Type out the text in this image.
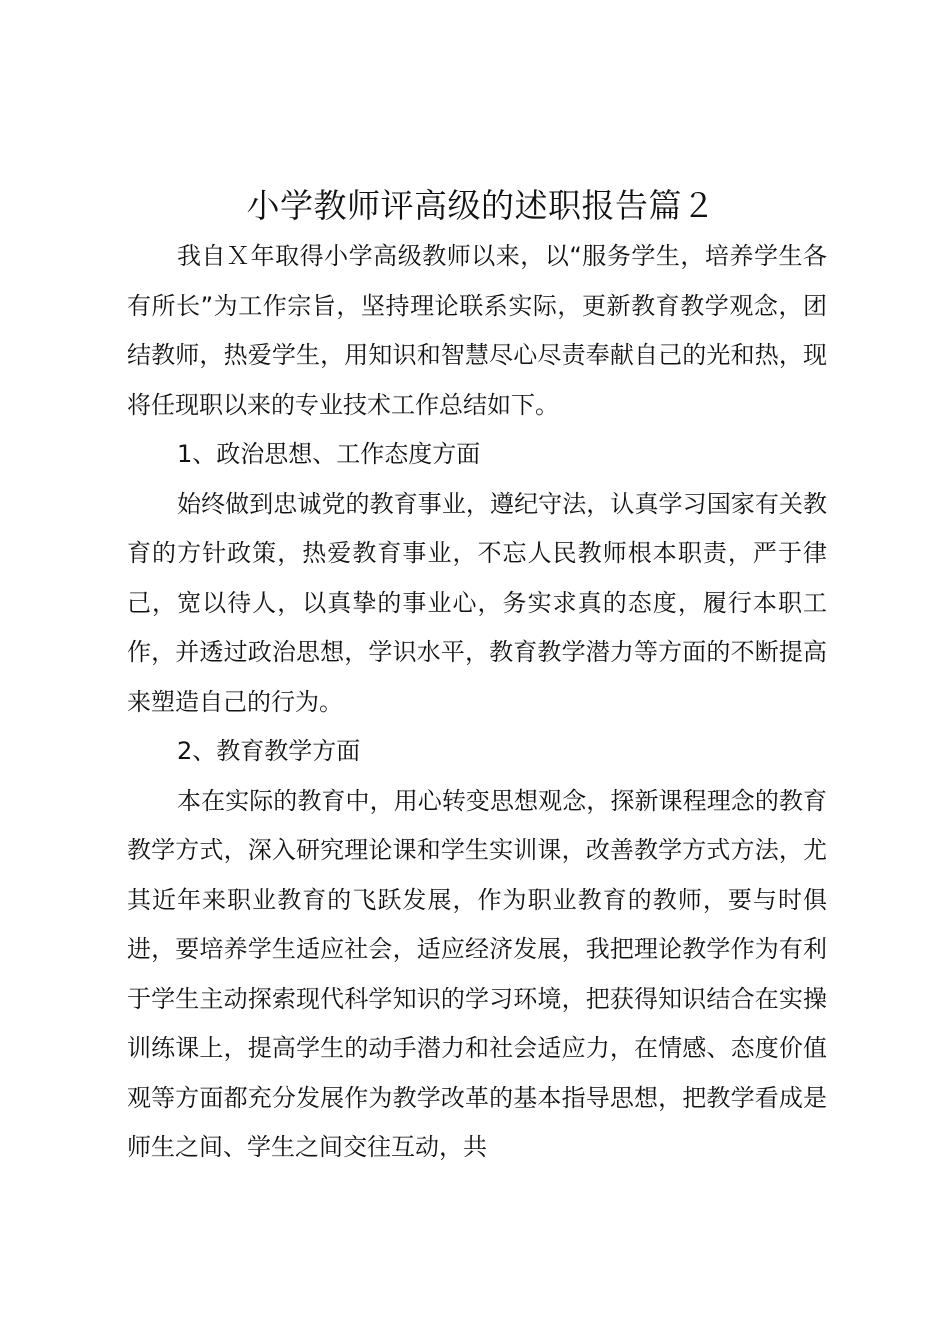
小学教师评高级的述职报告篇２

我自Ｘ年取得小学高级教师以来，以“服务学生，培养学生各有所长”为工作宗旨，坚持理论联系实际，更新教育教学观念，团结教师，热爱学生，用知识和智慧尽心尽责奉献自己的光和热，现将任现职以来的专业技术工作总结如下。

1、政治思想、工作态度方面

始终做到忠诚党的教育事业，遵纪守法，认真学习国家有关教育的方针政策，热爱教育事业，不忘人民教师根本职责，严于律己，宽以待人，以真挚的事业心，务实求真的态度，履行本职工作，并透过政治思想，学识水平，教育教学潜力等方面的不断提高来塑造自己的行为。

2、教育教学方面

本在实际的教育中，用心转变思想观念，探新课程理念的教育教学方式，深入研究理论课和学生实训课，改善教学方式方法，尤其近年来职业教育的飞跃发展，作为职业教育的教师，要与时俱进，要培养学生适应社会，适应经济发展，我把理论教学作为有利于学生主动探索现代科学知识的学习环境，把获得知识结合在实操训练课上，提高学生的动手潜力和社会适应力，在情感、态度价值观等方面都充分发展作为教学改革的基本指导思想，把教学看成是师生之间、学生之间交往互动，共
